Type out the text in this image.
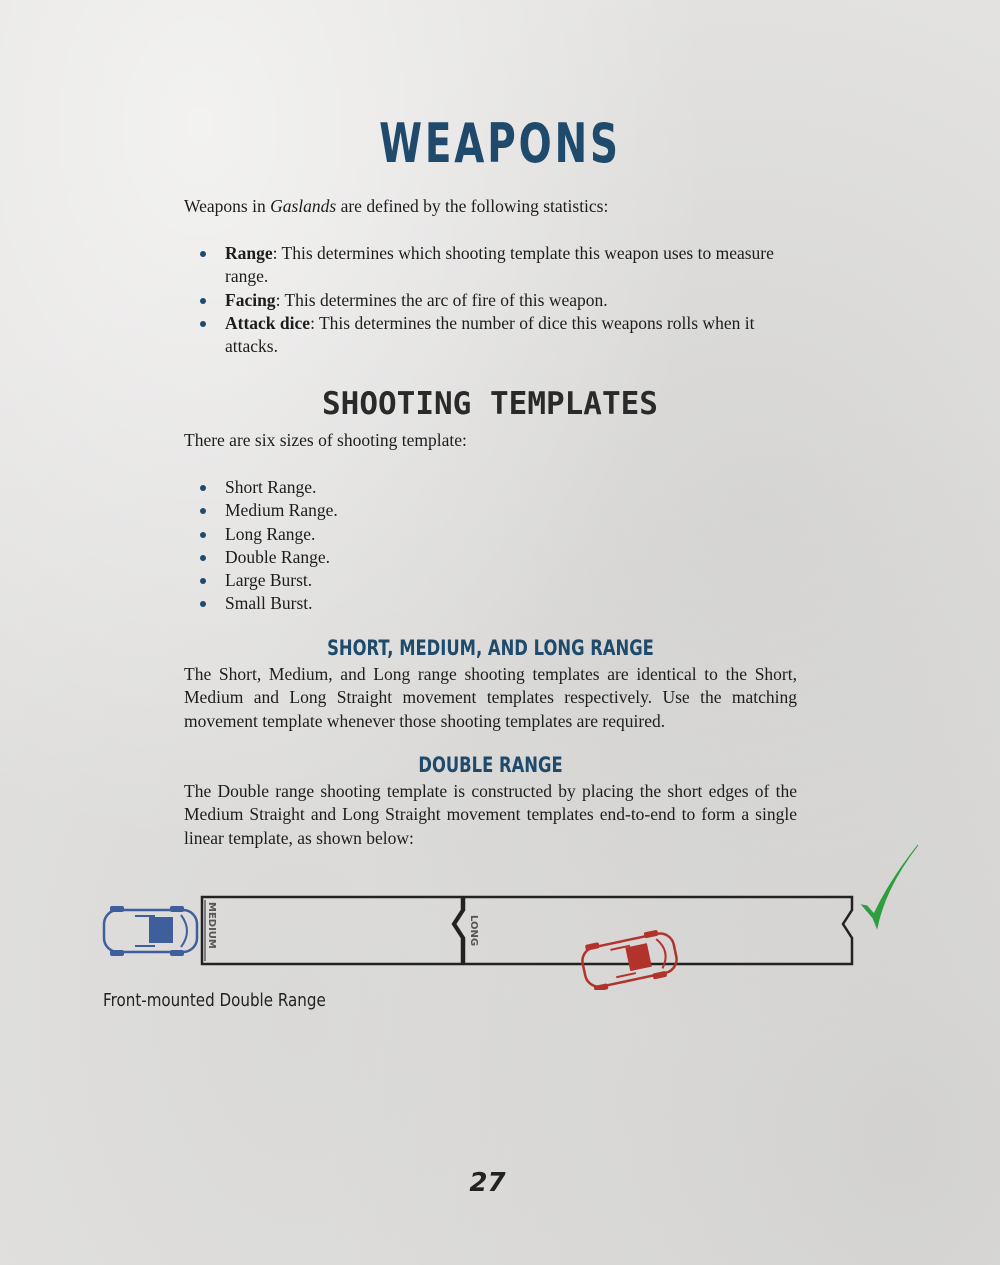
WEAPONS

Weapons in Gaslands are defined by the following statistics:

Range: This determines which shooting template this weapon uses to measure range.
Facing: This determines the arc of fire of this weapon.
Attack dice: This determines the number of dice this weapons rolls when it attacks.
SHOOTING TEMPLATES

There are six sizes of shooting template:

Short Range.
Medium Range.
Long Range.
Double Range.
Large Burst.
Small Burst.
SHORT, MEDIUM, AND LONG RANGE

The Short, Medium, and Long range shooting templates are identical to the Short, Medium and Long Straight movement templates respectively. Use the matching movement template whenever those shooting templates are required.

DOUBLE RANGE

The Double range shooting template is constructed by placing the short edges of the Medium Straight and Long Straight movement templates end-to-end to form a single linear template, as shown below:

MEDIUM	LONG

Front-mounted Double Range

27
